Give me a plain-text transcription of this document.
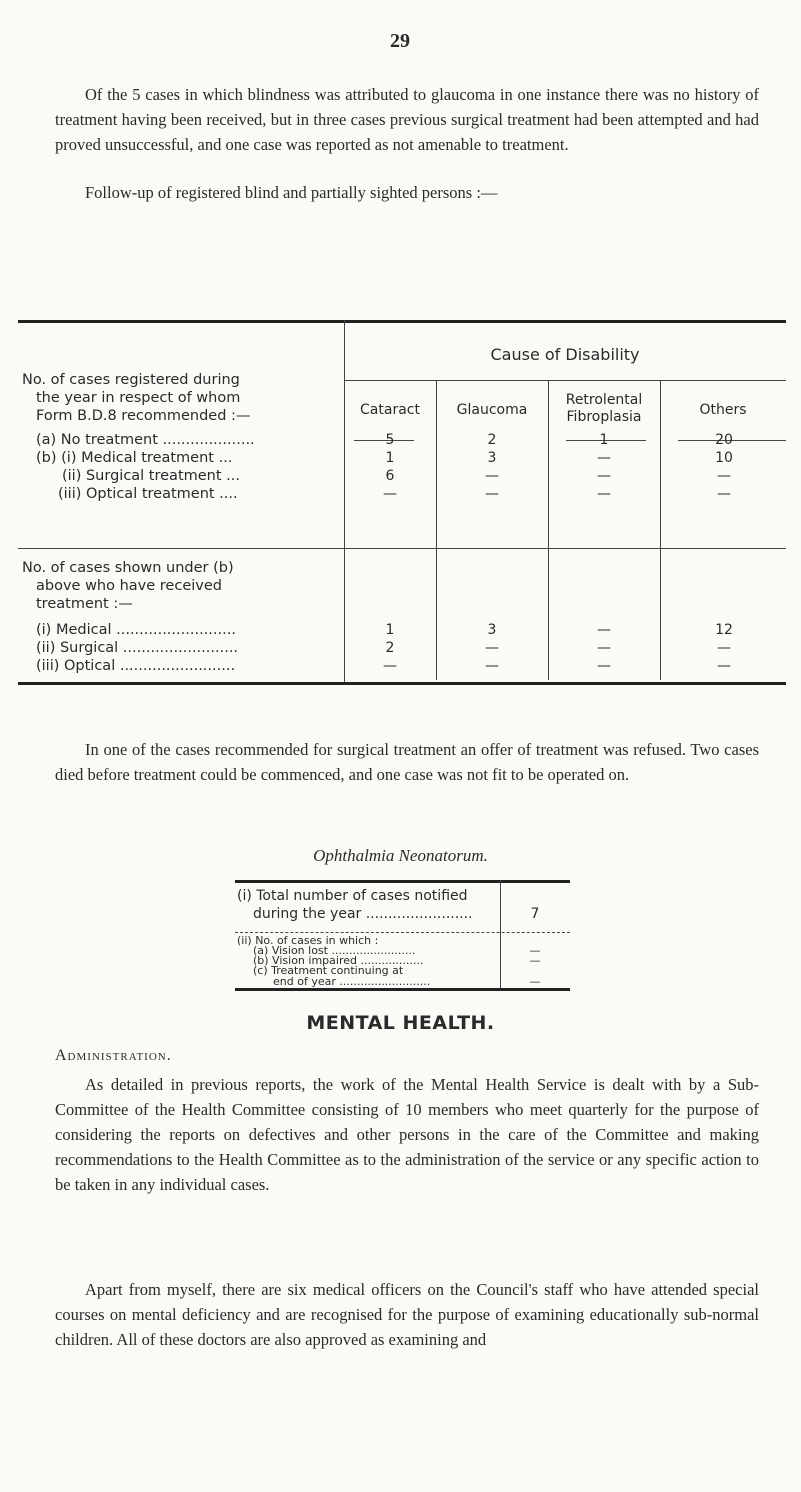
29
Of the 5 cases in which blindness was attributed to glaucoma in one instance there was no history of treatment having been received, but in three cases previous surgical treatment had been attempted and had proved unsuccessful, and one case was reported as not amenable to treatment.
Follow-up of registered blind and partially sighted persons :—
Cause of Disability
Cataract	Glaucoma
Retrolental Fibroplasia	Others
No. of cases registered during
the year in respect of whom
Form B.D.8 recommended :—
(a) No treatment ....................	5	2	1	20
(b) (i) Medical treatment ...	1	3	—	10
(ii) Surgical treatment ...	6	—	—	—
(iii) Optical treatment ....	—	—	—	—
No. of cases shown under (b)
above who have received
treatment :—
(i) Medical ..........................	1	3	—	12
(ii) Surgical .........................	2	—	—	—
(iii) Optical .........................	—	—	—	—
In one of the cases recommended for surgical treatment an offer of treatment was refused. Two cases died before treatment could be commenced, and one case was not fit to be operated on.
Ophthalmia Neonatorum.
(i) Total number of cases notified
during the year ........................	7
(ii) No. of cases in which :
(a) Vision lost ........................	—
(b) Vision impaired ..................	—
(c) Treatment continuing at
end of year ..........................	—
MENTAL HEALTH.
Administration.
As detailed in previous reports, the work of the Mental Health Service is dealt with by a Sub-Committee of the Health Committee consisting of 10 members who meet quarterly for the purpose of considering the reports on defectives and other persons in the care of the Committee and making recommendations to the Health Committee as to the administration of the service or any specific action to be taken in any individual cases.
Apart from myself, there are six medical officers on the Council's staff who have attended special courses on mental deficiency and are recognised for the purpose of examining educationally sub-normal children. All of these doctors are also approved as examining and
